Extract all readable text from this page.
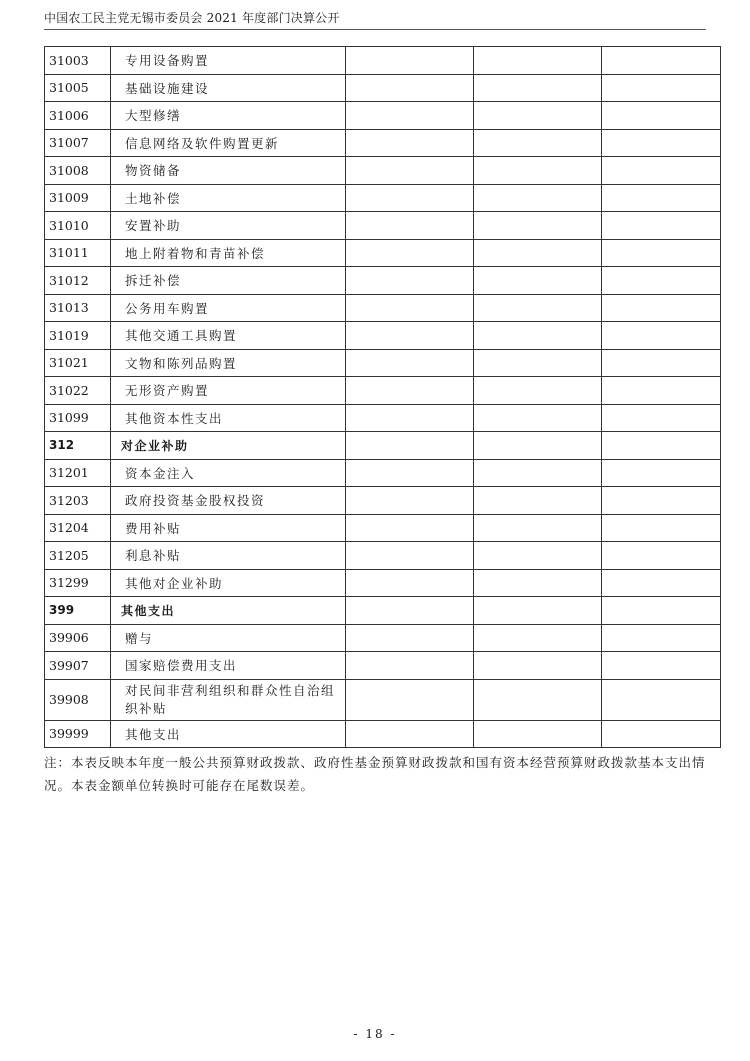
中国农工民主党无锡市委员会 2021 年度部门决算公开
31003	专用设备购置			
31005	基础设施建设			
31006	大型修缮			
31007	信息网络及软件购置更新			
31008	物资储备			
31009	土地补偿			
31010	安置补助			
31011	地上附着物和青苗补偿			
31012	拆迁补偿			
31013	公务用车购置			
31019	其他交通工具购置			
31021	文物和陈列品购置			
31022	无形资产购置			
31099	其他资本性支出			
312	对企业补助			
31201	资本金注入			
31203	政府投资基金股权投资			
31204	费用补贴			
31205	利息补贴			
31299	其他对企业补助			
399	其他支出			
39906	赠与			
39907	国家赔偿费用支出			
39908	对民间非营利组织和群众性自治组织补贴			
39999	其他支出			
注：本表反映本年度一般公共预算财政拨款、政府性基金预算财政拨款和国有资本经营预算财政拨款基本支出情况。本表金额单位转换时可能存在尾数误差。
- 18 -
